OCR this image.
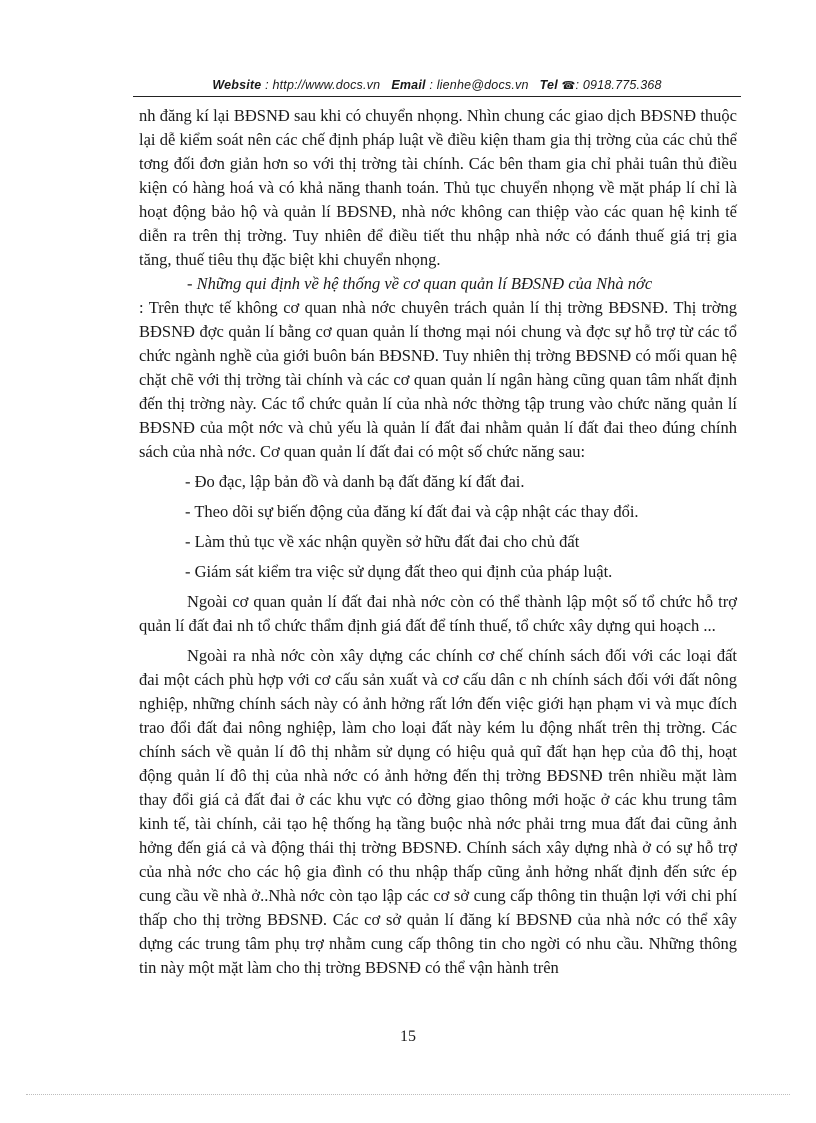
Website : http://www.docs.vn Email : lienhe@docs.vn Tel ☎: 0918.775.368

nh đăng kí lại BĐSNĐ sau khi có chuyển nhọng. Nhìn chung các giao dịch BĐSNĐ thuộc lại dễ kiểm soát nên các chế định pháp luật về điều kiện tham gia thị trờng của các chủ thể tơng đối đơn giản hơn so với thị trờng tài chính. Các bên tham gia chỉ phải tuân thủ điều kiện có hàng hoá và có khả năng thanh toán. Thủ tục chuyển nhọng về mặt pháp lí chỉ là hoạt động bảo hộ và quản lí BĐSNĐ, nhà nớc không can thiệp vào các quan hệ kinh tế diễn ra trên thị trờng. Tuy nhiên để điều tiết thu nhập nhà nớc có đánh thuế giá trị gia tăng, thuế tiêu thụ đặc biệt khi chuyển nhọng.

- Những qui định về hệ thống về cơ quan quản lí BĐSNĐ của Nhà nớc

: Trên thực tế không cơ quan nhà nớc chuyên trách quản lí thị trờng BĐSNĐ. Thị trờng BĐSNĐ đợc quản lí bằng cơ quan quản lí thơng mại nói chung và đợc sự hỗ trợ từ các tổ chức ngành nghề của giới buôn bán BĐSNĐ. Tuy nhiên thị trờng BĐSNĐ có mối quan hệ chặt chẽ với thị trờng tài chính và các cơ quan quản lí ngân hàng cũng quan tâm nhất định đến thị trờng này. Các tổ chức quản lí của nhà nớc thờng tập trung vào chức năng quản lí BĐSNĐ của một nớc và chủ yếu là quản lí đất đai nhằm quản lí đất đai theo đúng chính sách của nhà nớc. Cơ quan quản lí đất đai có một số chức năng sau:

- Đo đạc, lập bản đồ và danh bạ đất đăng kí đất đai.

- Theo dõi sự biến động của đăng kí đất đai và cập nhật các thay đổi.

- Làm thủ tục về xác nhận quyền sở hữu đất đai cho chủ đất

- Giám sát kiểm tra việc sử dụng đất theo qui định của pháp luật.

Ngoài cơ quan quản lí đất đai nhà nớc còn có thể thành lập một số tổ chức hỗ trợ quản lí đất đai nh tổ chức thẩm định giá đất để tính thuế, tổ chức xây dựng qui hoạch ...

Ngoài ra nhà nớc còn xây dựng các chính cơ chế chính sách đối với các loại đất đai một cách phù hợp với cơ cấu sản xuất và cơ cấu dân c nh chính sách đối với đất nông nghiệp, những chính sách này có ảnh hởng rất lớn đến việc giới hạn phạm vi và mục đích trao đổi đất đai nông nghiệp, làm cho loại đất này kém lu động nhất trên thị trờng. Các chính sách về quản lí đô thị nhằm sử dụng có hiệu quả quĩ đất hạn hẹp của đô thị, hoạt động quản lí đô thị của nhà nớc có ảnh hởng đến thị trờng BĐSNĐ trên nhiều mặt làm thay đổi giá cả đất đai ở các khu vực có đờng giao thông mới hoặc ở các khu trung tâm kinh tế, tài chính, cải tạo hệ thống hạ tầng buộc nhà nớc phải trng mua đất đai cũng ảnh hởng đến giá cả và động thái thị trờng BĐSNĐ. Chính sách xây dựng nhà ở có sự hỗ trợ của nhà nớc cho các hộ gia đình có thu nhập thấp cũng ảnh hởng nhất định đến sức ép cung cầu về nhà ở..Nhà nớc còn tạo lập các cơ sở cung cấp thông tin thuận lợi với chi phí thấp cho thị trờng BĐSNĐ. Các cơ sở quản lí đăng kí BĐSNĐ của nhà nớc có thể xây dựng các trung tâm phụ trợ nhằm cung cấp thông tin cho ngời có nhu cầu. Những thông tin này một mặt làm cho thị trờng BĐSNĐ có thể vận hành trên

15
